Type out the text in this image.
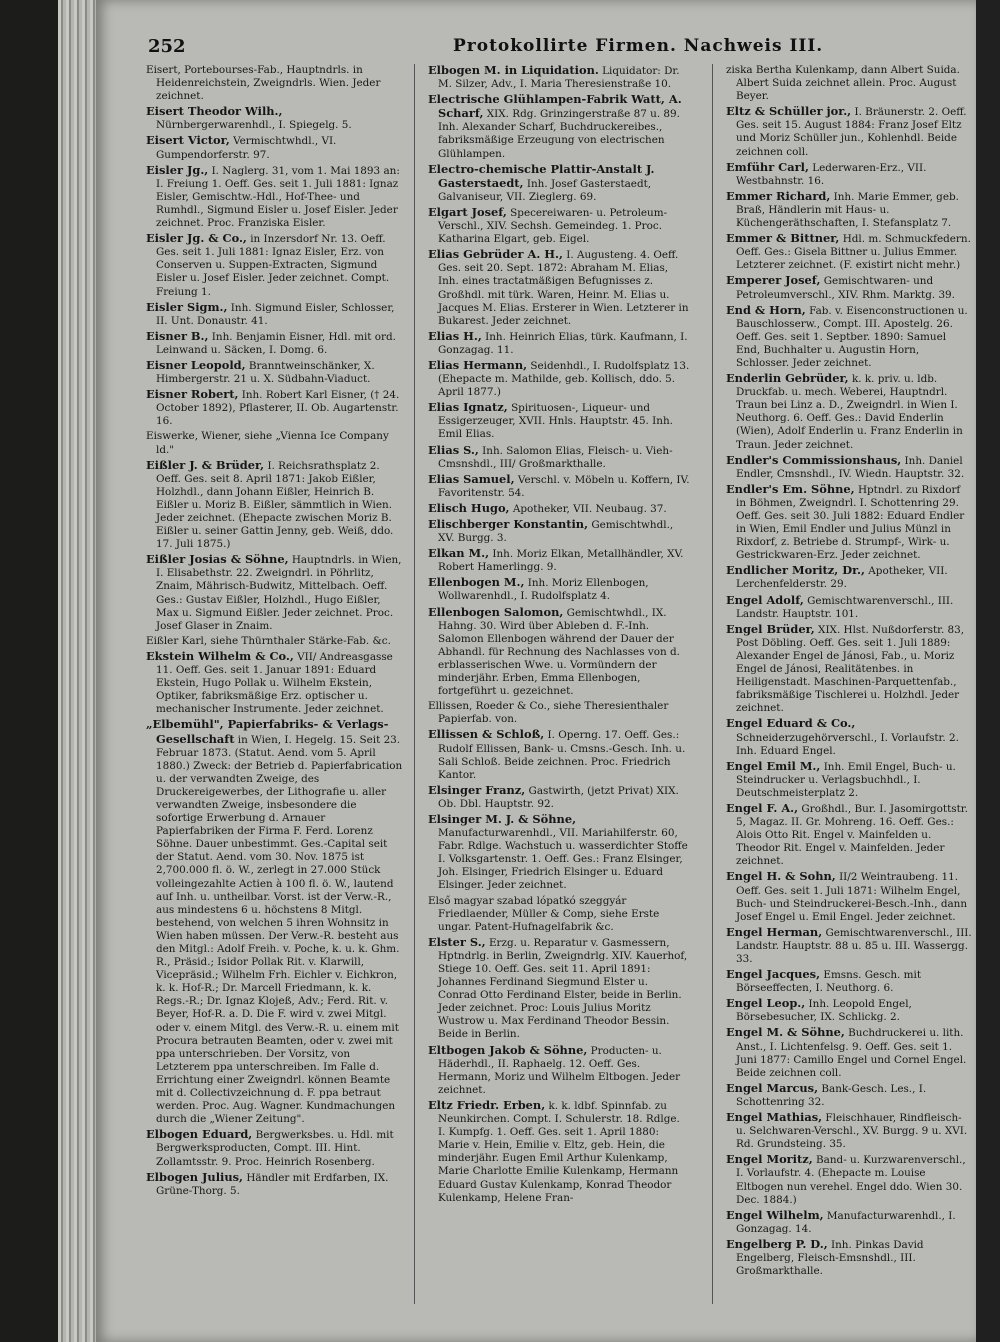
252	Protokollirte Firmen. Nachweis III.
Eisert, Portebourses-Fab., Hauptndrls. in Heidenreichstein, Zweigndrls. Wien. Jeder zeichnet.
Eisert Theodor Wilh., Nürnbergerwarenhdl., I. Spiegelg. 5.
Eisert Victor, Vermischtwhdl., VI. Gumpendorferstr. 97.
Eisler Jg., I. Naglerg. 31, vom 1. Mai 1893 an: I. Freiung 1. Oeff. Ges. seit 1. Juli 1881: Ignaz Eisler, Gemischtw.-Hdl., Hof-Thee- und Rumhdl., Sigmund Eisler u. Josef Eisler. Jeder zeichnet. Proc. Franziska Eisler.
Eisler Jg. & Co., in Inzersdorf Nr. 13. Oeff. Ges. seit 1. Juli 1881: Ignaz Eisler, Erz. von Conserven u. Suppen-Extracten, Sigmund Eisler u. Josef Eisler. Jeder zeichnet. Compt. Freiung 1.
Eisler Sigm., Inh. Sigmund Eisler, Schlosser, II. Unt. Donaustr. 41.
Eisner B., Inh. Benjamin Eisner, Hdl. mit ord. Leinwand u. Säcken, I. Domg. 6.
Eisner Leopold, Branntweinschänker, X. Himbergerstr. 21 u. X. Südbahn-Viaduct.
Eisner Robert, Inh. Robert Karl Eisner, († 24. October 1892), Pflasterer, II. Ob. Augartenstr. 16.
Eiswerke, Wiener, siehe „Vienna Ice Company ld."
Eißler J. & Brüder, I. Reichsrathsplatz 2. Oeff. Ges. seit 8. April 1871: Jakob Eißler, Holzhdl., dann Johann Eißler, Heinrich B. Eißler u. Moriz B. Eißler, sämmtlich in Wien. Jeder zeichnet. (Ehepacte zwischen Moriz B. Eißler u. seiner Gattin Jenny, geb. Weiß, ddo. 17. Juli 1875.)
Eißler Josias & Söhne, Hauptndrls. in Wien, I. Elisabethstr. 22. Zweigndrl. in Pöhrlitz, Znaim, Mährisch-Budwitz, Mittelbach. Oeff. Ges.: Gustav Eißler, Holzhdl., Hugo Eißler, Max u. Sigmund Eißler. Jeder zeichnet. Proc. Josef Glaser in Znaim.
Eißler Karl, siehe Thürnthaler Stärke-Fab. &c.
Ekstein Wilhelm & Co., VII/ Andreasgasse 11. Oeff. Ges. seit 1. Januar 1891: Eduard Ekstein, Hugo Pollak u. Wilhelm Ekstein, Optiker, fabriksmäßige Erz. optischer u. mechanischer Instrumente. Jeder zeichnet.
„Elbemühl", Papierfabriks- & Verlags-Gesellschaft in Wien, I. Hegelg. 15. Seit 23. Februar 1873. (Statut. Aend. vom 5. April 1880.) Zweck: der Betrieb d. Papierfabrication u. der verwandten Zweige, des Druckereigewerbes, der Lithografie u. aller verwandten Zweige, insbesondere die sofortige Erwerbung d. Arnauer Papierfabriken der Firma F. Ferd. Lorenz Söhne. Dauer unbestimmt. Ges.-Capital seit der Statut. Aend. vom 30. Nov. 1875 ist 2,700.000 fl. ö. W., zerlegt in 27.000 Stück volleingezahlte Actien à 100 fl. ö. W., lautend auf Inh. u. untheilbar. Vorst. ist der Verw.-R., aus mindestens 6 u. höchstens 8 Mitgl. bestehend, von welchen 5 ihren Wohnsitz in Wien haben müssen. Der Verw.-R. besteht aus den Mitgl.: Adolf Freih. v. Poche, k. u. k. Ghm. R., Präsid.; Isidor Pollak Rit. v. Klarwill, Vicepräsid.; Wilhelm Frh. Eichler v. Eichkron, k. k. Hof-R.; Dr. Marcell Friedmann, k. k. Regs.-R.; Dr. Ignaz Klojeß, Adv.; Ferd. Rit. v. Beyer, Hof-R. a. D. Die F. wird v. zwei Mitgl. oder v. einem Mitgl. des Verw.-R. u. einem mit Procura betrauten Beamten, oder v. zwei mit ppa unterschrieben. Der Vorsitz, von Letzterem ppa unterschreiben. Im Falle d. Errichtung einer Zweigndrl. können Beamte mit d. Collectivzeichnung d. F. ppa betraut werden. Proc. Aug. Wagner. Kundmachungen durch die „Wiener Zeitung".
Elbogen Eduard, Bergwerksbes. u. Hdl. mit Bergwerksproducten, Compt. III. Hint. Zollamtsstr. 9. Proc. Heinrich Rosenberg.
Elbogen Julius, Händler mit Erdfarben, IX. Grüne-Thorg. 5.
Elbogen M. in Liquidation. Liquidator: Dr. M. Silzer, Adv., I. Maria Theresienstraße 10.
Electrische Glühlampen-Fabrik Watt, A. Scharf, XIX. Rdg. Grinzingerstraße 87 u. 89. Inh. Alexander Scharf, Buchdruckereibes., fabriksmäßige Erzeugung von electrischen Glühlampen.
Electro-chemische Plattir-Anstalt J. Gasterstaedt, Inh. Josef Gasterstaedt, Galvaniseur, VII. Zieglerg. 69.
Elgart Josef, Specereiwaren- u. Petroleum-Verschl., XIV. Sechsh. Gemeindeg. 1. Proc. Katharina Elgart, geb. Eigel.
Elias Gebrüder A. H., I. Augusteng. 4. Oeff. Ges. seit 20. Sept. 1872: Abraham M. Elias, Inh. eines tractatmäßigen Befugnisses z. Großhdl. mit türk. Waren, Heinr. M. Elias u. Jacques M. Elias. Ersterer in Wien. Letzterer in Bukarest. Jeder zeichnet.
Elias H., Inh. Heinrich Elias, türk. Kaufmann, I. Gonzagag. 11.
Elias Hermann, Seidenhdl., I. Rudolfsplatz 13. (Ehepacte m. Mathilde, geb. Kollisch, ddo. 5. April 1877.)
Elias Ignatz, Spirituosen-, Liqueur- und Essigerzeuger, XVII. Hnls. Hauptstr. 45. Inh. Emil Elias.
Elias S., Inh. Salomon Elias, Fleisch- u. Vieh-Cmsnshdl., III/ Großmarkthalle.
Elias Samuel, Verschl. v. Möbeln u. Koffern, IV. Favoritenstr. 54.
Elisch Hugo, Apotheker, VII. Neubaug. 37.
Elischberger Konstantin, Gemischtwhdl., XV. Burgg. 3.
Elkan M., Inh. Moriz Elkan, Metallhändler, XV. Robert Hamerlingg. 9.
Ellenbogen M., Inh. Moriz Ellenbogen, Wollwarenhdl., I. Rudolfsplatz 4.
Ellenbogen Salomon, Gemischtwhdl., IX. Hahng. 30. Wird über Ableben d. F.-Inh. Salomon Ellenbogen während der Dauer der Abhandl. für Rechnung des Nachlasses von d. erblasserischen Wwe. u. Vormündern der minderjähr. Erben, Emma Ellenbogen, fortgeführt u. gezeichnet.
Ellissen, Roeder & Co., siehe Theresienthaler Papierfab. von.
Ellissen & Schloß, I. Operng. 17. Oeff. Ges.: Rudolf Ellissen, Bank- u. Cmsns.-Gesch. Inh. u. Sali Schloß. Beide zeichnen. Proc. Friedrich Kantor.
Elsinger Franz, Gastwirth, (jetzt Privat) XIX. Ob. Dbl. Hauptstr. 92.
Elsinger M. J. & Söhne, Manufacturwarenhdl., VII. Mariahilferstr. 60, Fabr. Rdlge. Wachstuch u. wasserdichter Stoffe I. Volksgartenstr. 1. Oeff. Ges.: Franz Elsinger, Joh. Elsinger, Friedrich Elsinger u. Eduard Elsinger. Jeder zeichnet.
Első magyar szabad lópatkó szeggyár Friedlaender, Müller & Comp, siehe Erste ungar. Patent-Hufnagelfabrik &c.
Elster S., Erzg. u. Reparatur v. Gasmessern, Hptndrlg. in Berlin, Zweigndrlg. XIV. Kauerhof, Stiege 10. Oeff. Ges. seit 11. April 1891: Johannes Ferdinand Siegmund Elster u. Conrad Otto Ferdinand Elster, beide in Berlin. Jeder zeichnet. Proc: Louis Julius Moritz Wustrow u. Max Ferdinand Theodor Bessin. Beide in Berlin.
Eltbogen Jakob & Söhne, Producten- u. Häderhdl., II. Raphaelg. 12. Oeff. Ges. Hermann, Moriz und Wilhelm Eltbogen. Jeder zeichnet.
Eltz Friedr. Erben, k. k. ldbf. Spinnfab. zu Neunkirchen. Compt. I. Schulerstr. 18. Rdlge. I. Kumpfg. 1. Oeff. Ges. seit 1. April 1880: Marie v. Hein, Emilie v. Eltz, geb. Hein, die minderjähr. Eugen Emil Arthur Kulenkamp, Marie Charlotte Emilie Kulenkamp, Hermann Eduard Gustav Kulenkamp, Konrad Theodor Kulenkamp, Helene Fran-
ziska Bertha Kulenkamp, dann Albert Suida. Albert Suida zeichnet allein. Proc. August Beyer.
Eltz & Schüller jor., I. Bräunerstr. 2. Oeff. Ges. seit 15. August 1884: Franz Josef Eltz und Moriz Schüller jun., Kohlenhdl. Beide zeichnen coll.
Emführ Carl, Lederwaren-Erz., VII. Westbahnstr. 16.
Emmer Richard, Inh. Marie Emmer, geb. Braß, Händlerin mit Haus- u. Küchengeräthschaften, I. Stefansplatz 7.
Emmer & Bittner, Hdl. m. Schmuckfedern. Oeff. Ges.: Gisela Bittner u. Julius Emmer. Letzterer zeichnet. (F. existirt nicht mehr.)
Emperer Josef, Gemischtwaren- und Petroleumverschl., XIV. Rhm. Marktg. 39.
End & Horn, Fab. v. Eisenconstructionen u. Bauschlosserw., Compt. III. Apostelg. 26. Oeff. Ges. seit 1. Septber. 1890: Samuel End, Buchhalter u. Augustin Horn, Schlosser. Jeder zeichnet.
Enderlin Gebrüder, k. k. priv. u. ldb. Druckfab. u. mech. Weberei, Hauptndrl. Traun bei Linz a. D., Zweigndrl. in Wien I. Neuthorg. 6. Oeff. Ges.: David Enderlin (Wien), Adolf Enderlin u. Franz Enderlin in Traun. Jeder zeichnet.
Endler's Commissionshaus, Inh. Daniel Endler, Cmsnshdl., IV. Wiedn. Hauptstr. 32.
Endler's Em. Söhne, Hptndrl. zu Rixdorf in Böhmen, Zweigndrl. I. Schottenring 29. Oeff. Ges. seit 30. Juli 1882: Eduard Endler in Wien, Emil Endler und Julius Münzl in Rixdorf, z. Betriebe d. Strumpf-, Wirk- u. Gestrickwaren-Erz. Jeder zeichnet.
Endlicher Moritz, Dr., Apotheker, VII. Lerchenfelderstr. 29.
Engel Adolf, Gemischtwarenverschl., III. Landstr. Hauptstr. 101.
Engel Brüder, XIX. Hlst. Nußdorferstr. 83, Post Döbling. Oeff. Ges. seit 1. Juli 1889: Alexander Engel de Jánosi, Fab., u. Moriz Engel de Jánosi, Realitätenbes. in Heiligenstadt. Maschinen-Parquettenfab., fabriksmäßige Tischlerei u. Holzhdl. Jeder zeichnet.
Engel Eduard & Co., Schneiderzugehörverschl., I. Vorlaufstr. 2. Inh. Eduard Engel.
Engel Emil M., Inh. Emil Engel, Buch- u. Steindrucker u. Verlagsbuchhdl., I. Deutschmeisterplatz 2.
Engel F. A., Großhdl., Bur. I. Jasomirgottstr. 5, Magaz. II. Gr. Mohreng. 16. Oeff. Ges.: Alois Otto Rit. Engel v. Mainfelden u. Theodor Rit. Engel v. Mainfelden. Jeder zeichnet.
Engel H. & Sohn, II/2 Weintraubeng. 11. Oeff. Ges. seit 1. Juli 1871: Wilhelm Engel, Buch- und Steindruckerei-Besch.-Inh., dann Josef Engel u. Emil Engel. Jeder zeichnet.
Engel Herman, Gemischtwarenverschl., III. Landstr. Hauptstr. 88 u. 85 u. III. Wassergg. 33.
Engel Jacques, Emsns. Gesch. mit Börseeffecten, I. Neuthorg. 6.
Engel Leop., Inh. Leopold Engel, Börsebesucher, IX. Schlickg. 2.
Engel M. & Söhne, Buchdruckerei u. lith. Anst., I. Lichtenfelsg. 9. Oeff. Ges. seit 1. Juni 1877: Camillo Engel und Cornel Engel. Beide zeichnen coll.
Engel Marcus, Bank-Gesch. Les., I. Schottenring 32.
Engel Mathias, Fleischhauer, Rindfleisch- u. Selchwaren-Verschl., XV. Burgg. 9 u. XVI. Rd. Grundsteing. 35.
Engel Moritz, Band- u. Kurzwarenverschl., I. Vorlaufstr. 4. (Ehepacte m. Louise Eltbogen nun verehel. Engel ddo. Wien 30. Dec. 1884.)
Engel Wilhelm, Manufacturwarenhdl., I. Gonzagag. 14.
Engelberg P. D., Inh. Pinkas David Engelberg, Fleisch-Emsnshdl., III. Großmarkthalle.
